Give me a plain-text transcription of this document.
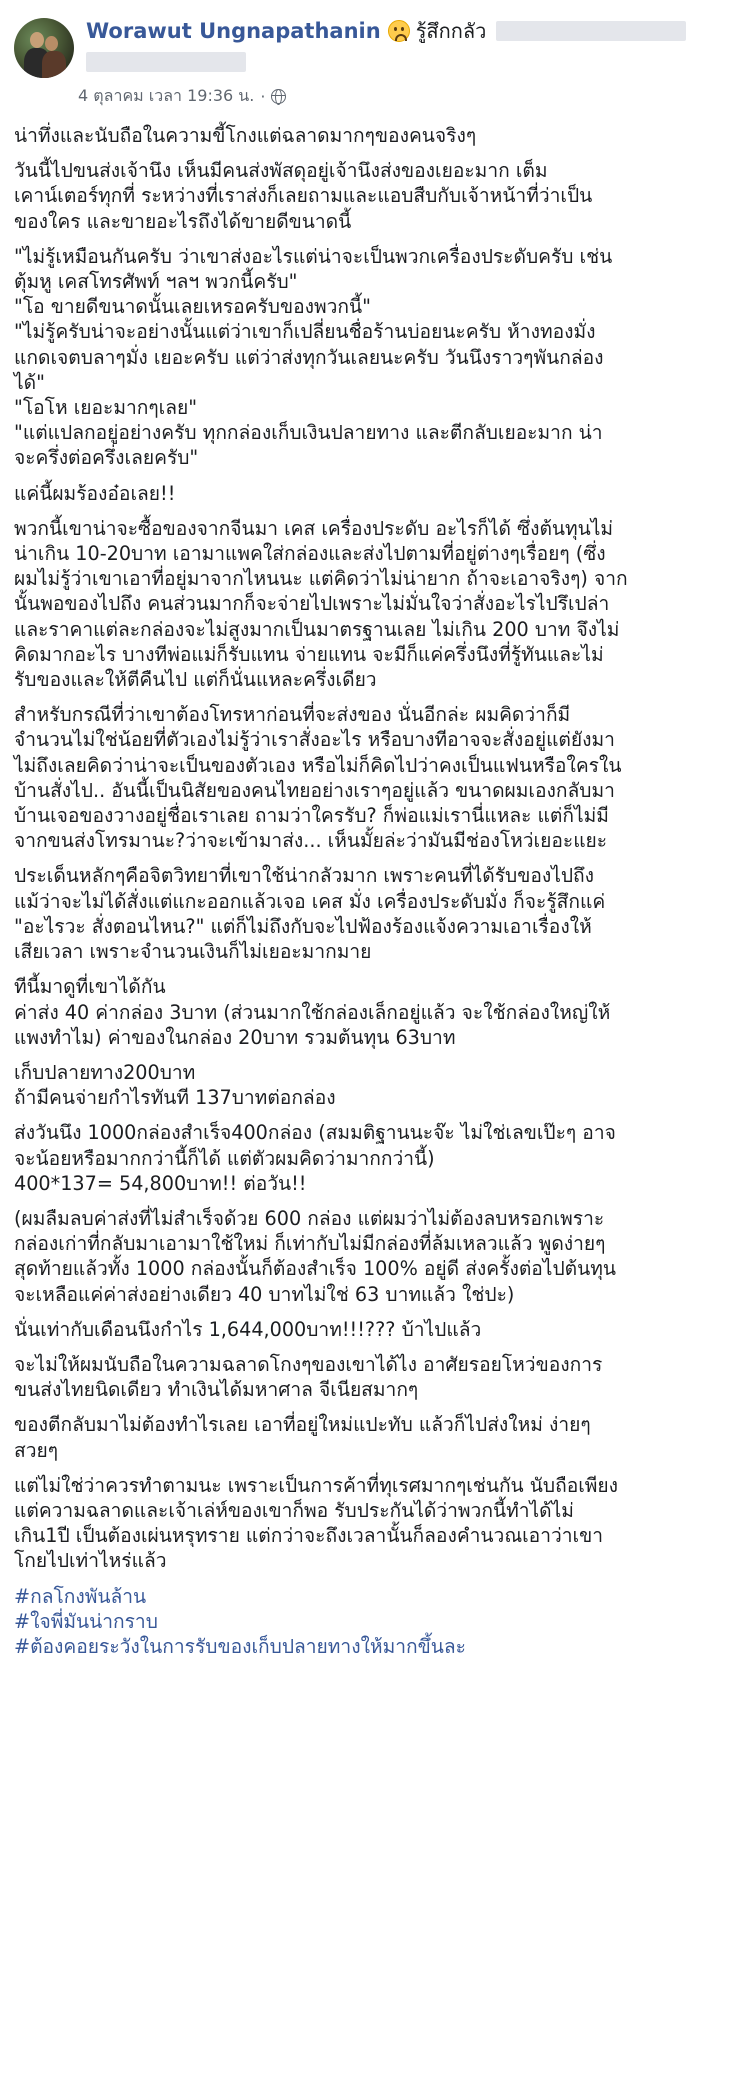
Worawut Ungnapathanin รู้สึกกลัว
4 ตุลาคม เวลา 19:36 น. ·
น่าทึ่งและนับถือในความขี้โกงแต่ฉลาดมากๆของคนจริงๆ
วันนี้ไปขนส่งเจ้านึง เห็นมีคนส่งพัสดุอยู่เจ้านึงส่งของเยอะมาก เต็ม
เคาน์เตอร์ทุกที่ ระหว่างที่เราส่งก็เลยถามและแอบสืบกับเจ้าหน้าที่ว่าเป็น
ของใคร และขายอะไรถึงได้ขายดีขนาดนี้
"ไม่รู้เหมือนกันครับ ว่าเขาส่งอะไรแต่น่าจะเป็นพวกเครื่องประดับครับ เช่น
ตุ้มหู เคสโทรศัพท์ ฯลฯ พวกนี้ครับ"
"โอ ขายดีขนาดนั้นเลยเหรอครับของพวกนี้"
"ไม่รู้ครับน่าจะอย่างนั้นแต่ว่าเขาก็เปลี่ยนชื่อร้านบ่อยนะครับ ห้างทองมั่ง
แกดเจตบลาๆมั่ง เยอะครับ แต่ว่าส่งทุกวันเลยนะครับ วันนึงราวๆพันกล่อง
ได้"
"โอโห เยอะมากๆเลย"
"แต่แปลกอยู่อย่างครับ ทุกกล่องเก็บเงินปลายทาง และตีกลับเยอะมาก น่า
จะครึ่งต่อครึ่งเลยครับ"
แค่นี้ผมร้องอ๋อเลย!!
พวกนี้เขาน่าจะซื้อของจากจีนมา เคส เครื่องประดับ อะไรก็ได้ ซึ่งต้นทุนไม่
น่าเกิน 10-20บาท เอามาแพคใส่กล่องและส่งไปตามที่อยู่ต่างๆเรื่อยๆ (ซึ่ง
ผมไม่รู้ว่าเขาเอาที่อยู่มาจากไหนนะ แต่คิดว่าไม่น่ายาก ถ้าจะเอาจริงๆ) จาก
นั้นพอของไปถึง คนส่วนมากก็จะจ่ายไปเพราะไม่มั่นใจว่าสั่งอะไรไปรึเปล่า
และราคาแต่ละกล่องจะไม่สูงมากเป็นมาตรฐานเลย ไม่เกิน 200 บาท จึงไม่
คิดมากอะไร บางทีพ่อแม่ก็รับแทน จ่ายแทน จะมีก็แค่ครึ่งนึงที่รู้ทันและไม่
รับของและให้ตีคืนไป แต่ก็นั่นแหละครึ่งเดียว
สำหรับกรณีที่ว่าเขาต้องโทรหาก่อนที่จะส่งของ นั่นอีกล่ะ ผมคิดว่าก็มี
จำนวนไม่ใช่น้อยที่ตัวเองไม่รู้ว่าเราสั่งอะไร หรือบางทีอาจจะสั่งอยู่แต่ยังมา
ไม่ถึงเลยคิดว่าน่าจะเป็นของตัวเอง หรือไม่ก็คิดไปว่าคงเป็นแฟนหรือใครใน
บ้านสั่งไป.. อันนี้เป็นนิสัยของคนไทยอย่างเราๆอยู่แล้ว ขนาดผมเองกลับมา
บ้านเจอของวางอยู่ชื่อเราเลย ถามว่าใครรับ? ก็พ่อแม่เรานี่แหละ แต่ก็ไม่มี
จากขนส่งโทรมานะ?ว่าจะเข้ามาส่ง... เห็นมั้ยล่ะว่ามันมีช่องโหว่เยอะแยะ
ประเด็นหลักๆคือจิตวิทยาที่เขาใช้น่ากลัวมาก เพราะคนที่ได้รับของไปถึง
แม้ว่าจะไม่ได้สั่งแต่แกะออกแล้วเจอ เคส มั่ง เครื่องประดับมั่ง ก็จะรู้สึกแค่
"อะไรวะ สั่งตอนไหน?" แต่ก็ไม่ถึงกับจะไปฟ้องร้องแจ้งความเอาเรื่องให้
เสียเวลา เพราะจำนวนเงินก็ไม่เยอะมากมาย
ทีนี้มาดูที่เขาได้กัน
ค่าส่ง 40 ค่ากล่อง 3บาท (ส่วนมากใช้กล่องเล็กอยู่แล้ว จะใช้กล่องใหญ่ให้
แพงทำไม) ค่าของในกล่อง 20บาท รวมต้นทุน 63บาท
เก็บปลายทาง200บาท
ถ้ามีคนจ่ายกำไรทันที 137บาทต่อกล่อง
ส่งวันนึง 1000กล่องสำเร็จ400กล่อง (สมมติฐานนะจ๊ะ ไม่ใช่เลขเป๊ะๆ อาจ
จะน้อยหรือมากกว่านี้ก็ได้ แต่ตัวผมคิดว่ามากกว่านี้)
400*137= 54,800บาท!! ต่อวัน!!
(ผมลืมลบค่าส่งที่ไม่สำเร็จด้วย 600 กล่อง แต่ผมว่าไม่ต้องลบหรอกเพราะ
กล่องเก่าที่กลับมาเอามาใช้ใหม่ ก็เท่ากับไม่มีกล่องที่ล้มเหลวแล้ว พูดง่ายๆ
สุดท้ายแล้วทั้ง 1000 กล่องนั้นก็ต้องสำเร็จ 100% อยู่ดี ส่งครั้งต่อไปต้นทุน
จะเหลือแค่ค่าส่งอย่างเดียว 40 บาทไม่ใช่ 63 บาทแล้ว ใช่ปะ)
นั่นเท่ากับเดือนนึงกำไร 1,644,000บาท!!!??? บ้าไปแล้ว
จะไม่ให้ผมนับถือในความฉลาดโกงๆของเขาได้ไง อาศัยรอยโหว่ของการ
ขนส่งไทยนิดเดียว ทำเงินได้มหาศาล จีเนียสมากๆ
ของตีกลับมาไม่ต้องทำไรเลย เอาที่อยู่ใหม่แปะทับ แล้วก็ไปส่งใหม่ ง่ายๆ
สวยๆ
แต่ไม่ใช่ว่าควรทำตามนะ เพราะเป็นการค้าที่ทุเรศมากๆเช่นกัน นับถือเพียง
แต่ความฉลาดและเจ้าเล่ห์ของเขาก็พอ รับประกันได้ว่าพวกนี้ทำได้ไม่
เกิน1ปี เป็นต้องเผ่นหรุทราย แต่กว่าจะถึงเวลานั้นก็ลองคำนวณเอาว่าเขา
โกยไปเท่าไหร่แล้ว
#กลโกงพันล้าน
#ใจพี่มันน่ากราบ
#ต้องคอยระวังในการรับของเก็บปลายทางให้มากขึ้นละ
